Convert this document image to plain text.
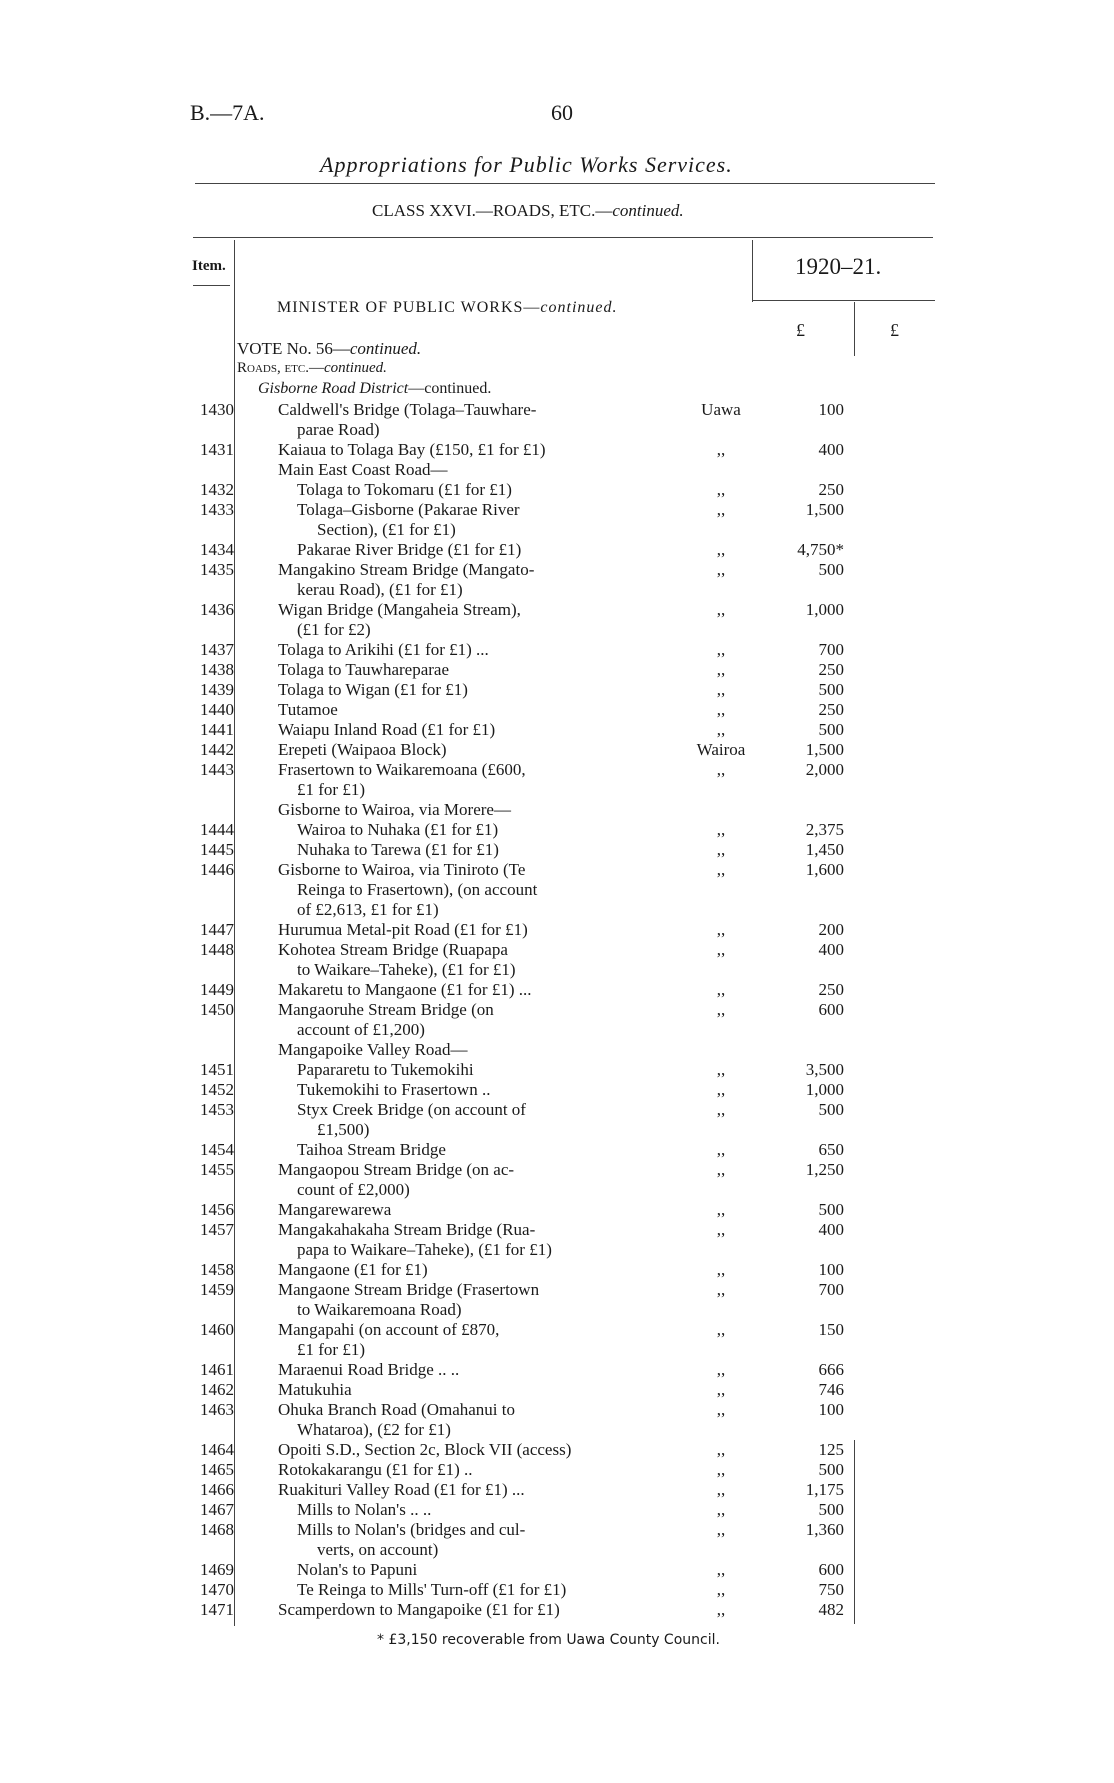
B.—7A.	60
Appropriations for Public Works Services.
CLASS XXVI.—ROADS, ETC.—continued.
Item.	1920–21.
£	£
MINISTER OF PUBLIC WORKS—continued.
VOTE No. 56—continued.
Roads, etc.—continued.
Gisborne Road District—continued.
1430	Caldwell's Bridge (Tolaga–Tauwhare-	Uawa	100
parae Road)
1431	Kaiaua to Tolaga Bay (£150, £1 for £1)	,,	400
Main East Coast Road—
1432	Tolaga to Tokomaru (£1 for £1)	,,	250
1433	Tolaga–Gisborne (Pakarae River	,,	1,500
Section), (£1 for £1)
1434	Pakarae River Bridge (£1 for £1)	,,	4,750*
1435	Mangakino Stream Bridge (Mangato-	,,	500
kerau Road), (£1 for £1)
1436	Wigan Bridge (Mangaheia Stream),	,,	1,000
(£1 for £2)
1437	Tolaga to Arikihi (£1 for £1) ...	,,	700
1438	Tolaga to Tauwhareparae	,,	250
1439	Tolaga to Wigan (£1 for £1)	,,	500
1440	Tutamoe	,,	250
1441	Waiapu Inland Road (£1 for £1)	,,	500
1442	Erepeti (Waipaoa Block)	Wairoa	1,500
1443	Frasertown to Waikaremoana (£600,	,,	2,000
£1 for £1)
Gisborne to Wairoa, via Morere—
1444	Wairoa to Nuhaka (£1 for £1)	,,	2,375
1445	Nuhaka to Tarewa (£1 for £1)	,,	1,450
1446	Gisborne to Wairoa, via Tiniroto (Te	,,	1,600
Reinga to Frasertown), (on account
of £2,613, £1 for £1)
1447	Hurumua Metal-pit Road (£1 for £1)	,,	200
1448	Kohotea Stream Bridge (Ruapapa	,,	400
to Waikare–Taheke), (£1 for £1)
1449	Makaretu to Mangaone (£1 for £1) ...	,,	250
1450	Mangaoruhe Stream Bridge (on	,,	600
account of £1,200)
Mangapoike Valley Road—
1451	Papararetu to Tukemokihi	,,	3,500
1452	Tukemokihi to Frasertown ..	,,	1,000
1453	Styx Creek Bridge (on account of	,,	500
£1,500)
1454	Taihoa Stream Bridge	,,	650
1455	Mangaopou Stream Bridge (on ac-	,,	1,250
count of £2,000)
1456	Mangarewarewa	,,	500
1457	Mangakahakaha Stream Bridge (Rua-	,,	400
papa to Waikare–Taheke), (£1 for £1)
1458	Mangaone (£1 for £1)	,,	100
1459	Mangaone Stream Bridge (Frasertown	,,	700
to Waikaremoana Road)
1460	Mangapahi (on account of £870,	,,	150
£1 for £1)
1461	Maraenui Road Bridge .. ..	,,	666
1462	Matukuhia	,,	746
1463	Ohuka Branch Road (Omahanui to	,,	100
Whataroa), (£2 for £1)
1464	Opoiti S.D., Section 2c, Block VII (access)	,,	125
1465	Rotokakarangu (£1 for £1) ..	,,	500
1466	Ruakituri Valley Road (£1 for £1) ...	,,	1,175
1467	Mills to Nolan's .. ..	,,	500
1468	Mills to Nolan's (bridges and cul-	,,	1,360
verts, on account)
1469	Nolan's to Papuni	,,	600
1470	Te Reinga to Mills' Turn-off (£1 for £1)	,,	750
1471	Scamperdown to Mangapoike (£1 for £1)	,,	482
* £3,150 recoverable from Uawa County Council.
